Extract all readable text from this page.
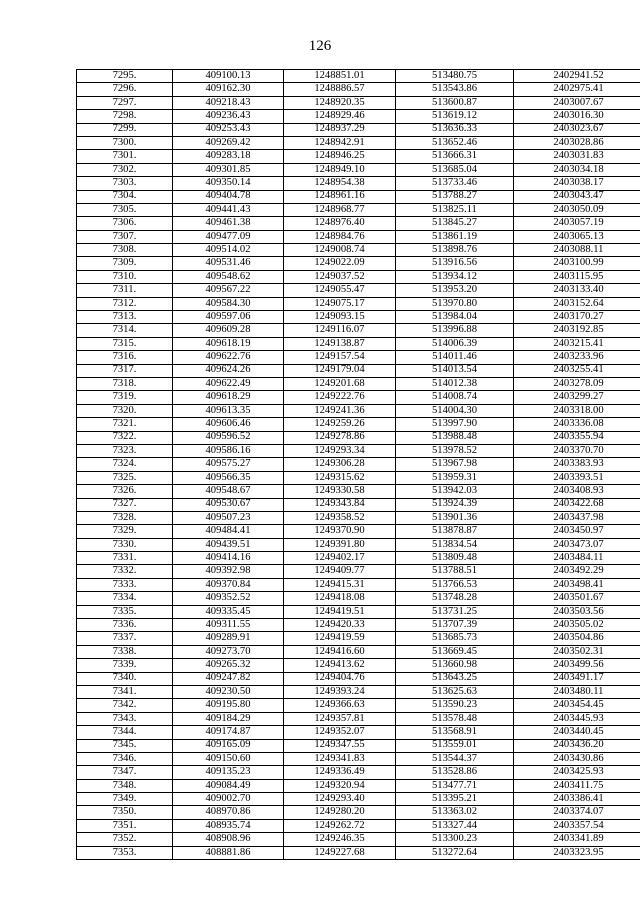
126
7295.	409100.13	1248851.01	513480.75	2402941.52
7296.	409162.30	1248886.57	513543.86	2402975.41
7297.	409218.43	1248920.35	513600.87	2403007.67
7298.	409236.43	1248929.46	513619.12	2403016.30
7299.	409253.43	1248937.29	513636.33	2403023.67
7300.	409269.42	1248942.91	513652.46	2403028.86
7301.	409283.18	1248946.25	513666.31	2403031.83
7302.	409301.85	1248949.10	513685.04	2403034.18
7303.	409350.14	1248954.38	513733.46	2403038.17
7304.	409404.78	1248961.16	513788.27	2403043.47
7305.	409441.43	1248968.77	513825.11	2403050.09
7306.	409461.38	1248976.40	513845.27	2403057.19
7307.	409477.09	1248984.76	513861.19	2403065.13
7308.	409514.02	1249008.74	513898.76	2403088.11
7309.	409531.46	1249022.09	513916.56	2403100.99
7310.	409548.62	1249037.52	513934.12	2403115.95
7311.	409567.22	1249055.47	513953.20	2403133.40
7312.	409584.30	1249075.17	513970.80	2403152.64
7313.	409597.06	1249093.15	513984.04	2403170.27
7314.	409609.28	1249116.07	513996.88	2403192.85
7315.	409618.19	1249138.87	514006.39	2403215.41
7316.	409622.76	1249157.54	514011.46	2403233.96
7317.	409624.26	1249179.04	514013.54	2403255.41
7318.	409622.49	1249201.68	514012.38	2403278.09
7319.	409618.29	1249222.76	514008.74	2403299.27
7320.	409613.35	1249241.36	514004.30	2403318.00
7321.	409606.46	1249259.26	513997.90	2403336.08
7322.	409596.52	1249278.86	513988.48	2403355.94
7323.	409586.16	1249293.34	513978.52	2403370.70
7324.	409575.27	1249306.28	513967.98	2403383.93
7325.	409566.35	1249315.62	513959.31	2403393.51
7326.	409548.67	1249330.58	513942.03	2403408.93
7327.	409530.67	1249343.84	513924.39	2403422.68
7328.	409507.23	1249358.52	513901.36	2403437.98
7329.	409484.41	1249370.90	513878.87	2403450.97
7330.	409439.51	1249391.80	513834.54	2403473.07
7331.	409414.16	1249402.17	513809.48	2403484.11
7332.	409392.98	1249409.77	513788.51	2403492.29
7333.	409370.84	1249415.31	513766.53	2403498.41
7334.	409352.52	1249418.08	513748.28	2403501.67
7335.	409335.45	1249419.51	513731.25	2403503.56
7336.	409311.55	1249420.33	513707.39	2403505.02
7337.	409289.91	1249419.59	513685.73	2403504.86
7338.	409273.70	1249416.60	513669.45	2403502.31
7339.	409265.32	1249413.62	513660.98	2403499.56
7340.	409247.82	1249404.76	513643.25	2403491.17
7341.	409230.50	1249393.24	513625.63	2403480.11
7342.	409195.80	1249366.63	513590.23	2403454.45
7343.	409184.29	1249357.81	513578.48	2403445.93
7344.	409174.87	1249352.07	513568.91	2403440.45
7345.	409165.09	1249347.55	513559.01	2403436.20
7346.	409150.60	1249341.83	513544.37	2403430.86
7347.	409135.23	1249336.49	513528.86	2403425.93
7348.	409084.49	1249320.94	513477.71	2403411.75
7349.	409002.70	1249293.40	513395.21	2403386.41
7350.	408970.86	1249280.20	513363.02	2403374.07
7351.	408935.74	1249262.72	513327.44	2403357.54
7352.	408908.96	1249246.35	513300.23	2403341.89
7353.	408881.86	1249227.68	513272.64	2403323.95
